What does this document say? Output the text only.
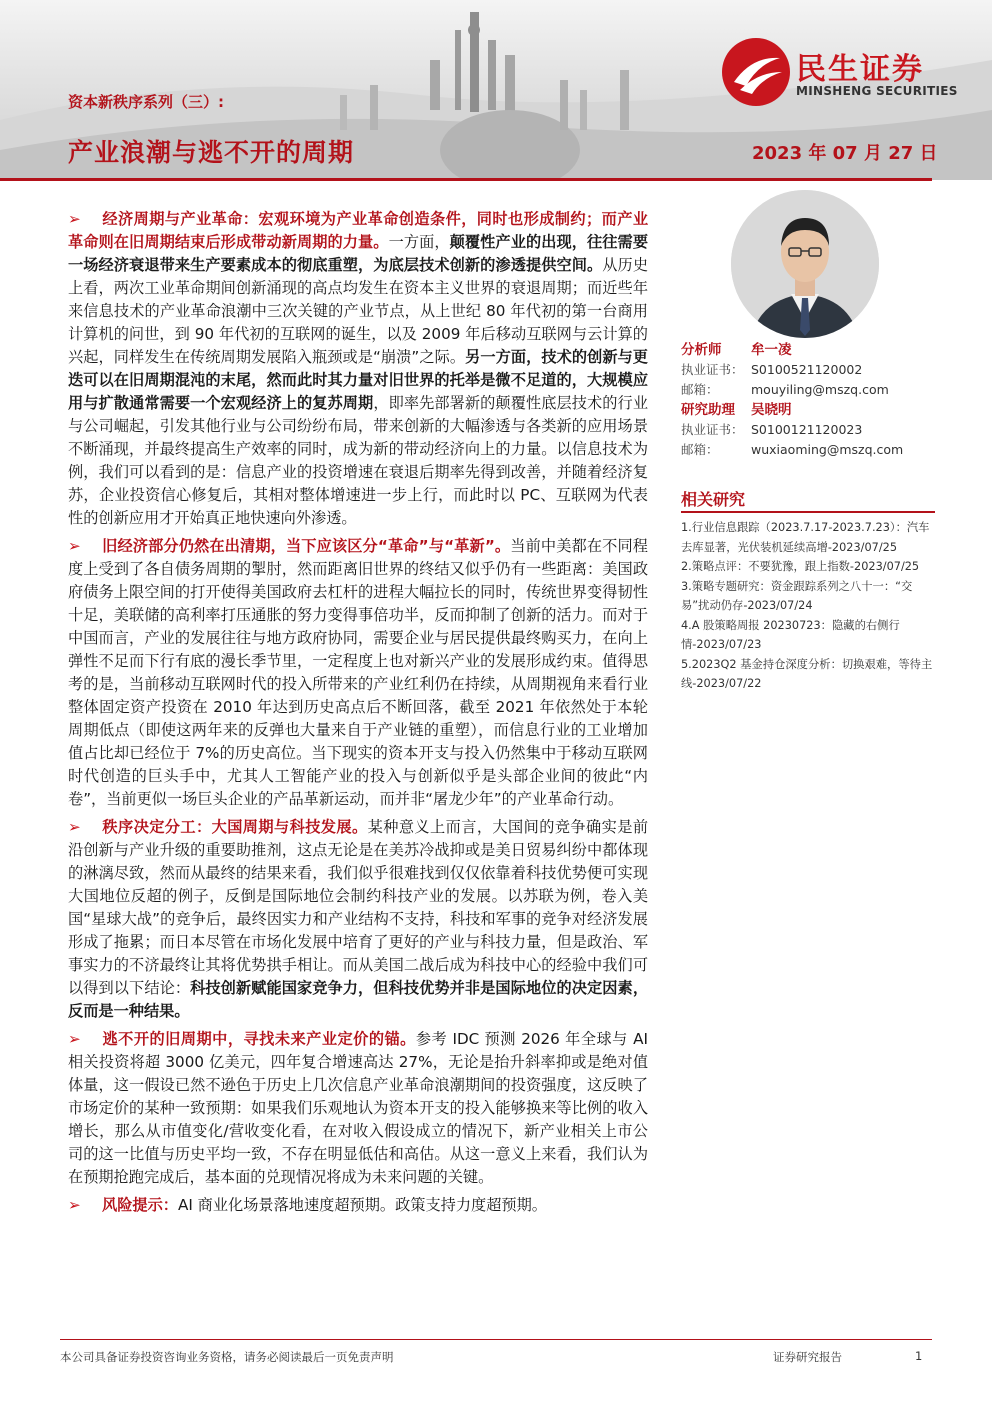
资本新秩序系列（三）:
产业浪潮与逃不开的周期	2023 年 07 月 27 日
民生证券
MINSHENG SECURITIES

➢ 经济周期与产业革命：宏观环境为产业革命创造条件，同时也形成制约；而产业革命则在旧周期结束后形成带动新周期的力量。一方面，颠覆性产业的出现，往往需要一场经济衰退带来生产要素成本的彻底重塑，为底层技术创新的渗透提供空间。从历史上看，两次工业革命期间创新涌现的高点均发生在资本主义世界的衰退周期；而近些年来信息技术的产业革命浪潮中三次关键的产业节点，从上世纪 80 年代初的第一台商用计算机的问世，到 90 年代初的互联网的诞生，以及 2009 年后移动互联网与云计算的兴起，同样发生在传统周期发展陷入瓶颈或是“崩溃”之际。另一方面，技术的创新与更迭可以在旧周期混沌的末尾，然而此时其力量对旧世界的托举是微不足道的，大规模应用与扩散通常需要一个宏观经济上的复苏周期，即率先部署新的颠覆性底层技术的行业与公司崛起，引发其他行业与公司纷纷布局，带来创新的大幅渗透与各类新的应用场景不断涌现，并最终提高生产效率的同时，成为新的带动经济向上的力量。以信息技术为例，我们可以看到的是：信息产业的投资增速在衰退后期率先得到改善，并随着经济复苏，企业投资信心修复后，其相对整体增速进一步上行，而此时以 PC、互联网为代表性的创新应用才开始真正地快速向外渗透。

➢ 旧经济部分仍然在出清期，当下应该区分“革命”与“革新”。当前中美都在不同程度上受到了各自债务周期的掣肘，然而距离旧世界的终结又似乎仍有一些距离：美国政府债务上限空间的打开使得美国政府去杠杆的进程大幅拉长的同时，传统世界变得韧性十足，美联储的高利率打压通胀的努力变得事倍功半，反而抑制了创新的活力。而对于中国而言，产业的发展往往与地方政府协同，需要企业与居民提供最终购买力，在向上弹性不足而下行有底的漫长季节里，一定程度上也对新兴产业的发展形成约束。值得思考的是，当前移动互联网时代的投入所带来的产业红利仍在持续，从周期视角来看行业整体固定资产投资在 2010 年达到历史高点后不断回落，截至 2021 年依然处于本轮周期低点（即使这两年来的反弹也大量来自于产业链的重塑），而信息行业的工业增加值占比却已经位于 7%的历史高位。当下现实的资本开支与投入仍然集中于移动互联网时代创造的巨头手中，尤其人工智能产业的投入与创新似乎是头部企业间的彼此“内卷”，当前更似一场巨头企业的产品革新运动，而并非“屠龙少年”的产业革命行动。

➢ 秩序决定分工：大国周期与科技发展。某种意义上而言，大国间的竞争确实是前沿创新与产业升级的重要助推剂，这点无论是在美苏冷战抑或是美日贸易纠纷中都体现的淋漓尽致，然而从最终的结果来看，我们似乎很难找到仅仅依靠着科技优势便可实现大国地位反超的例子，反倒是国际地位会制约科技产业的发展。以苏联为例，卷入美国“星球大战”的竞争后，最终因实力和产业结构不支持，科技和军事的竞争对经济发展形成了拖累；而日本尽管在市场化发展中培育了更好的产业与科技力量，但是政治、军事实力的不济最终让其将优势拱手相让。而从美国二战后成为科技中心的经验中我们可以得到以下结论：科技创新赋能国家竞争力，但科技优势并非是国际地位的决定因素，反而是一种结果。

➢ 逃不开的旧周期中，寻找未来产业定价的锚。参考 IDC 预测 2026 年全球与 AI 相关投资将超 3000 亿美元，四年复合增速高达 27%，无论是抬升斜率抑或是绝对值体量，这一假设已然不逊色于历史上几次信息产业革命浪潮期间的投资强度，这反映了市场定价的某种一致预期：如果我们乐观地认为资本开支的投入能够换来等比例的收入增长，那么从市值变化/营收变化看，在对收入假设成立的情况下，新产业相关上市公司的这一比值与历史平均一致，不存在明显低估和高估。从这一意义上来看，我们认为在预期抢跑完成后，基本面的兑现情况将成为未来问题的关键。

➢ 风险提示：AI 商业化场景落地速度超预期。政策支持力度超预期。

分析师 牟一凌
执业证书： S0100521120002
邮箱：	mouyiling@mszq.com
研究助理 吴晓明
执业证书： S0100121120023
邮箱：	wuxiaoming@mszq.com
相关研究
1.行业信息跟踪（2023.7.17-2023.7.23）：汽车去库显著，光伏装机延续高增-2023/07/25
2.策略点评：不要犹豫，跟上指数-2023/07/25
3.策略专题研究：资金跟踪系列之八十一：“交易”扰动仍存-2023/07/24
4.A 股策略周报 20230723：隐藏的右侧行情-2023/07/23
5.2023Q2 基金持仓深度分析：切换艰难，等待主线-2023/07/22
本公司具备证券投资咨询业务资格，请务必阅读最后一页免责声明	证券研究报告	1
